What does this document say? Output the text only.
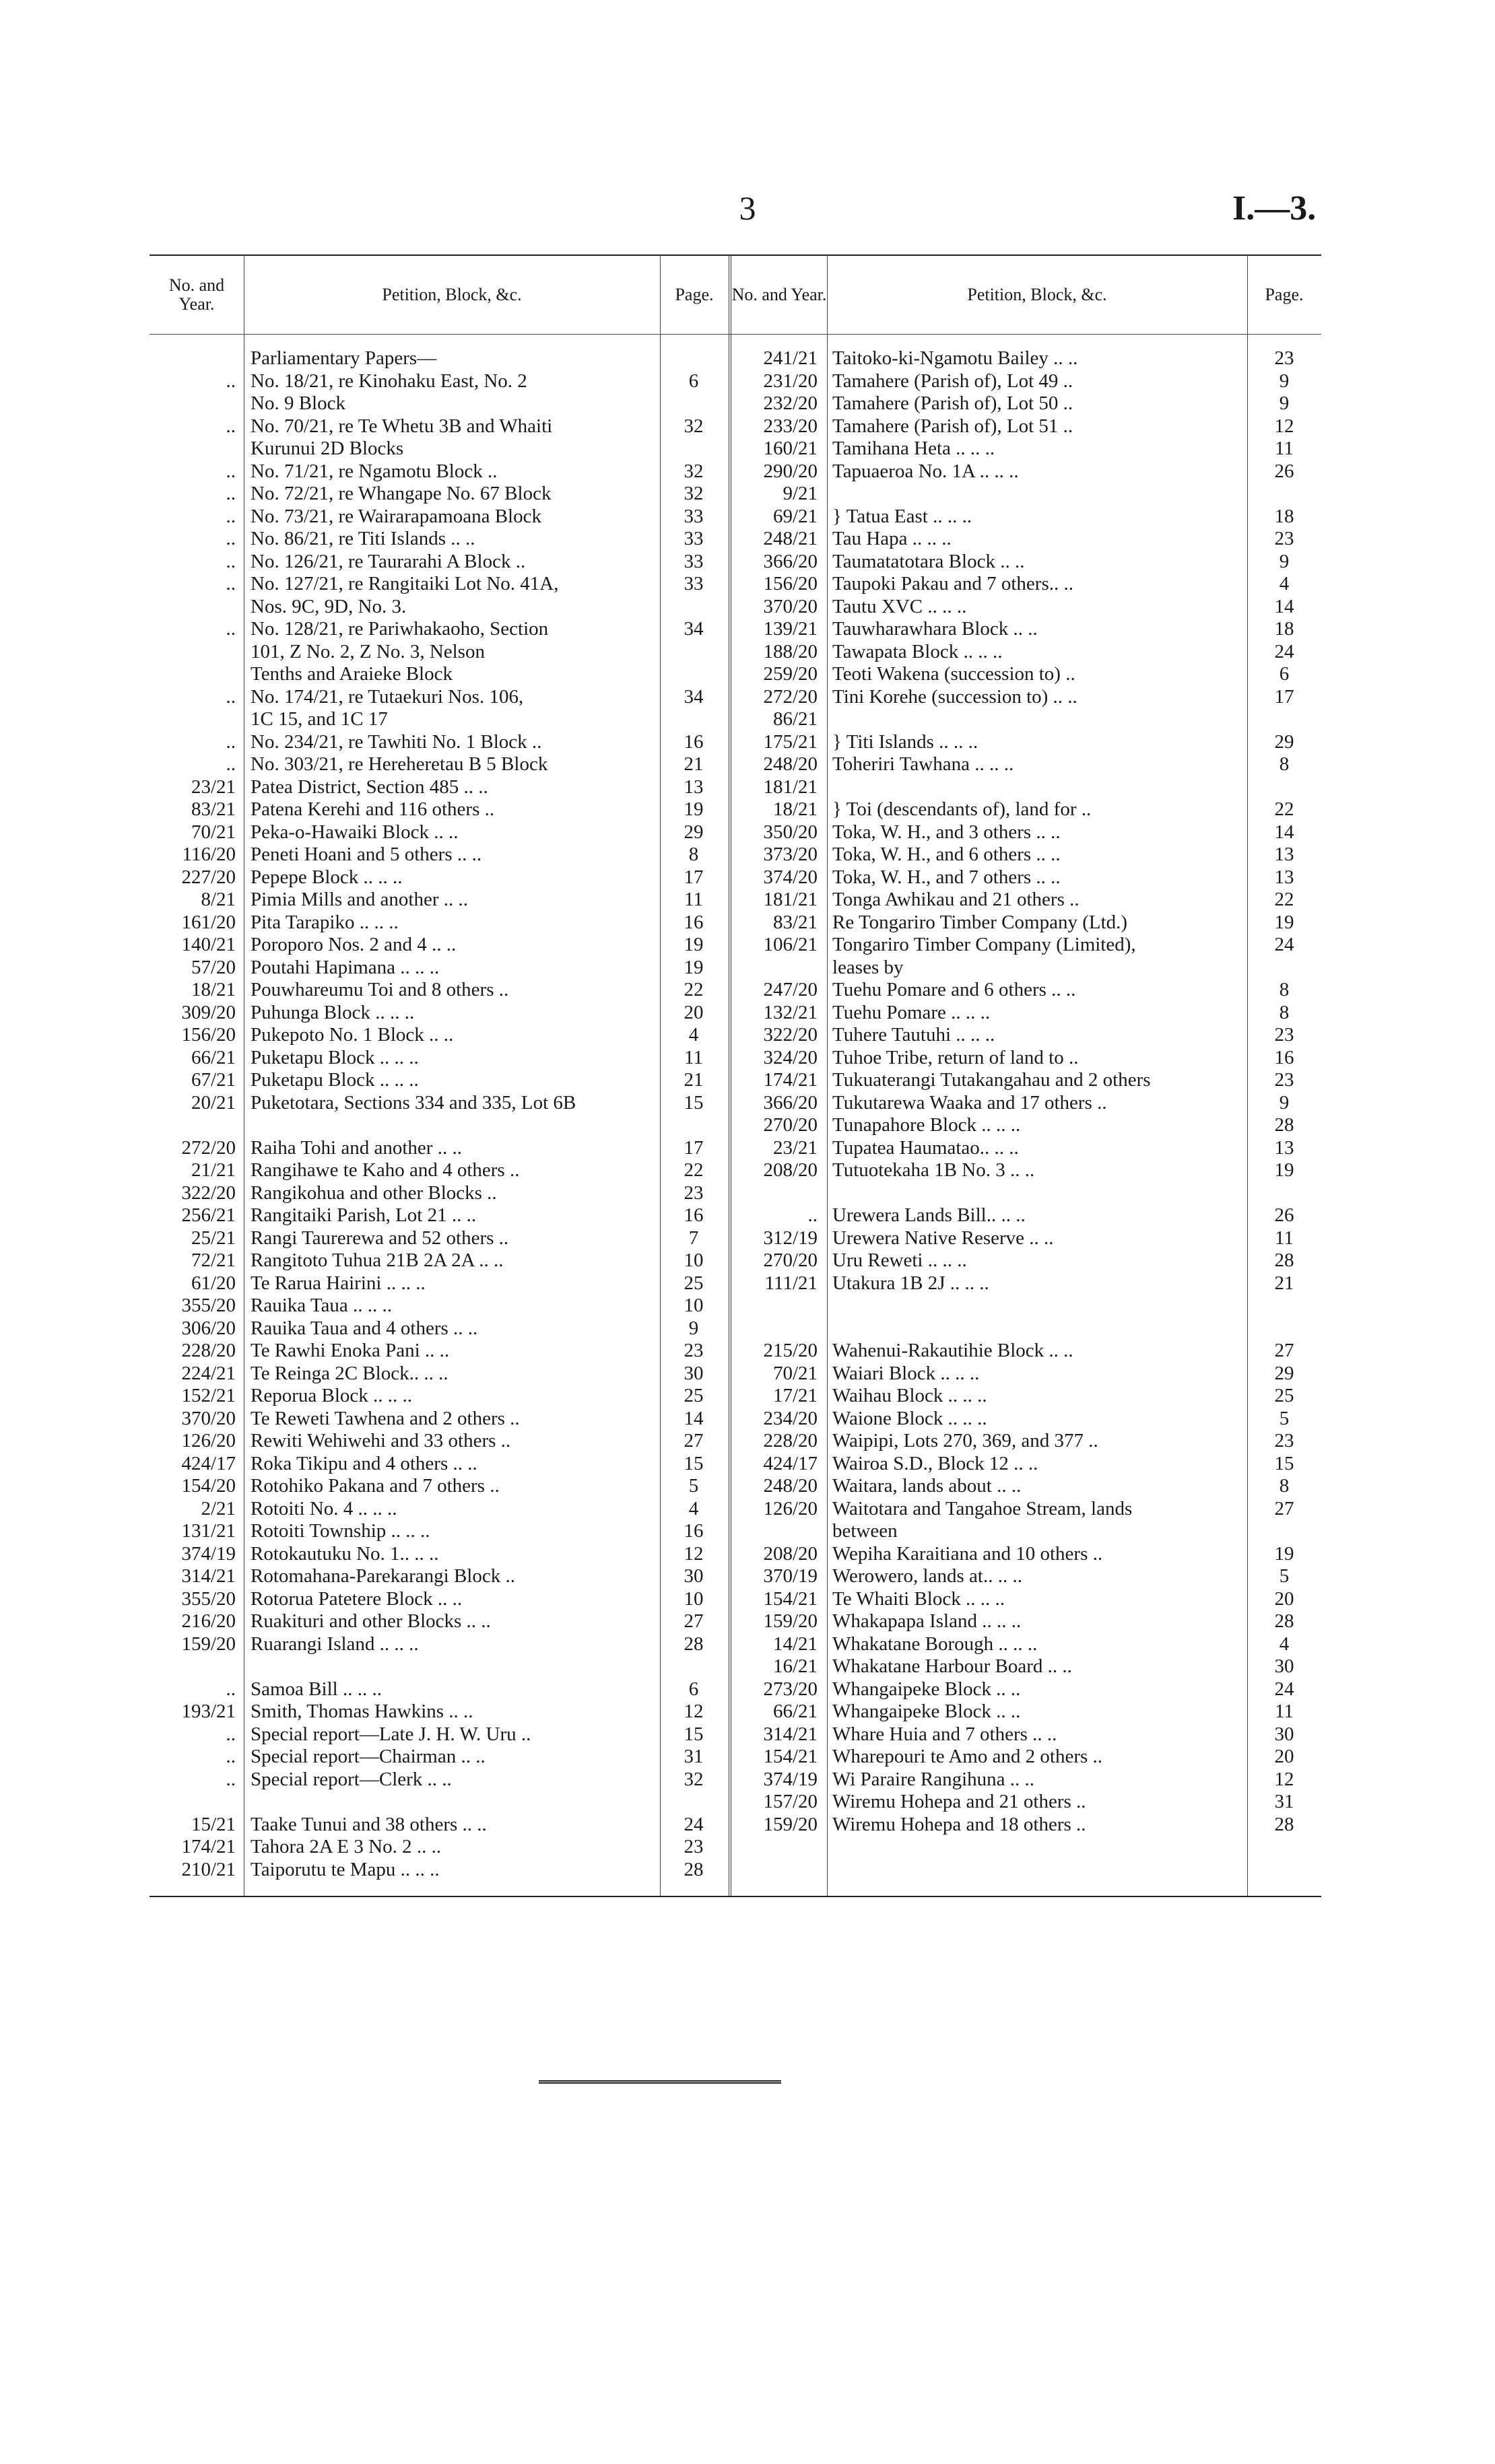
3	I.—3.
No. and Year.	Petition, Block, &c.	Page.	No. and Year.	Petition, Block, &c.	Page.
Parliamentary Papers—
.. No. 18/21, re Kinohaku East, No. 2	6
No. 9 Block
.. No. 70/21, re Te Whetu 3B and Whaiti	32
Kurunui 2D Blocks
.. No. 71/21, re Ngamotu Block ..	32
.. No. 72/21, re Whangape No. 67 Block	32
.. No. 73/21, re Wairarapamoana Block	33
.. No. 86/21, re Titi Islands .. ..	33
.. No. 126/21, re Taurarahi A Block ..	33
.. No. 127/21, re Rangitaiki Lot No. 41A,	33
Nos. 9C, 9D, No. 3.
.. No. 128/21, re Pariwhakaoho, Section	34
101, Z No. 2, Z No. 3, Nelson
Tenths and Araieke Block
.. No. 174/21, re Tutaekuri Nos. 106,	34
1C 15, and 1C 17
.. No. 234/21, re Tawhiti No. 1 Block ..	16
.. No. 303/21, re Hereheretau B 5 Block	21
23/21 Patea District, Section 485 .. ..	13
83/21 Patena Kerehi and 116 others ..	19
70/21 Peka-o-Hawaiki Block .. ..	29
116/20 Peneti Hoani and 5 others .. ..	8
227/20 Pepepe Block .. .. ..	17
8/21 Pimia Mills and another .. ..	11
161/20 Pita Tarapiko .. .. ..	16
140/21 Poroporo Nos. 2 and 4 .. ..	19
57/20 Poutahi Hapimana .. .. ..	19
18/21 Pouwhareumu Toi and 8 others ..	22
309/20 Puhunga Block .. .. ..	20
156/20 Pukepoto No. 1 Block .. ..	4
66/21 Puketapu Block .. .. ..	11
67/21 Puketapu Block .. .. ..	21
20/21 Puketotara, Sections 334 and 335, Lot 6B	15
272/20 Raiha Tohi and another .. ..	17
21/21 Rangihawe te Kaho and 4 others ..	22
322/20 Rangikohua and other Blocks ..	23
256/21 Rangitaiki Parish, Lot 21 .. ..	16
25/21 Rangi Taurerewa and 52 others ..	7
72/21 Rangitoto Tuhua 21B 2A 2A .. ..	10
61/20 Te Rarua Hairini .. .. ..	25
355/20 Rauika Taua .. .. ..	10
306/20 Rauika Taua and 4 others .. ..	9
228/20 Te Rawhi Enoka Pani .. ..	23
224/21 Te Reinga 2C Block.. .. ..	30
152/21 Reporua Block .. .. ..	25
370/20 Te Reweti Tawhena and 2 others ..	14
126/20 Rewiti Wehiwehi and 33 others ..	27
424/17 Roka Tikipu and 4 others .. ..	15
154/20 Rotohiko Pakana and 7 others ..	5
2/21 Rotoiti No. 4 .. .. ..	4
131/21 Rotoiti Township .. .. ..	16
374/19 Rotokautuku No. 1.. .. ..	12
314/21 Rotomahana-Parekarangi Block ..	30
355/20 Rotorua Patetere Block .. ..	10
216/20 Ruakituri and other Blocks .. ..	27
159/20 Ruarangi Island .. .. ..	28
.. Samoa Bill .. .. ..	6
193/21 Smith, Thomas Hawkins .. ..	12
.. Special report—Late J. H. W. Uru ..	15
.. Special report—Chairman .. ..	31
.. Special report—Clerk .. ..	32
15/21 Taake Tunui and 38 others .. ..	24
174/21 Tahora 2A E 3 No. 2 .. ..	23
210/21 Taiporutu te Mapu .. .. ..	28
241/21 Taitoko-ki-Ngamotu Bailey .. ..	23
231/20 Tamahere (Parish of), Lot 49 ..	9
232/20 Tamahere (Parish of), Lot 50 ..	9
233/20 Tamahere (Parish of), Lot 51 ..	12
160/21 Tamihana Heta .. .. ..	11
290/20 Tapuaeroa No. 1A .. .. ..	26
9/21
69/21 } Tatua East .. .. ..	18
248/21 Tau Hapa .. .. ..	23
366/20 Taumatatotara Block .. ..	9
156/20 Taupoki Pakau and 7 others.. ..	4
370/20 Tautu XVC .. .. ..	14
139/21 Tauwharawhara Block .. ..	18
188/20 Tawapata Block .. .. ..	24
259/20 Teoti Wakena (succession to) ..	6
272/20 Tini Korehe (succession to) .. ..	17
86/21
175/21 } Titi Islands .. .. ..	29
248/20 Toheriri Tawhana .. .. ..	8
181/21
18/21 } Toi (descendants of), land for ..	22
350/20 Toka, W. H., and 3 others .. ..	14
373/20 Toka, W. H., and 6 others .. ..	13
374/20 Toka, W. H., and 7 others .. ..	13
181/21 Tonga Awhikau and 21 others ..	22
83/21 Re Tongariro Timber Company (Ltd.)	19
106/21 Tongariro Timber Company (Limited),	24
leases by
247/20 Tuehu Pomare and 6 others .. ..	8
132/21 Tuehu Pomare .. .. ..	8
322/20 Tuhere Tautuhi .. .. ..	23
324/20 Tuhoe Tribe, return of land to ..	16
174/21 Tukuaterangi Tutakangahau and 2 others	23
366/20 Tukutarewa Waaka and 17 others ..	9
270/20 Tunapahore Block .. .. ..	28
23/21 Tupatea Haumatao.. .. ..	13
208/20 Tutuotekaha 1B No. 3 .. ..	19
.. Urewera Lands Bill.. .. ..	26
312/19 Urewera Native Reserve .. ..	11
270/20 Uru Reweti .. .. ..	28
111/21 Utakura 1B 2J .. .. ..	21
215/20 Wahenui-Rakautihie Block .. ..	27
70/21 Waiari Block .. .. ..	29
17/21 Waihau Block .. .. ..	25
234/20 Waione Block .. .. ..	5
228/20 Waipipi, Lots 270, 369, and 377 ..	23
424/17 Wairoa S.D., Block 12 .. ..	15
248/20 Waitara, lands about .. ..	8
126/20 Waitotara and Tangahoe Stream, lands	27
between
208/20 Wepiha Karaitiana and 10 others ..	19
370/19 Werowero, lands at.. .. ..	5
154/21 Te Whaiti Block .. .. ..	20
159/20 Whakapapa Island .. .. ..	28
14/21 Whakatane Borough .. .. ..	4
16/21 Whakatane Harbour Board .. ..	30
273/20 Whangaipeke Block .. ..	24
66/21 Whangaipeke Block .. ..	11
314/21 Whare Huia and 7 others .. ..	30
154/21 Wharepouri te Amo and 2 others ..	20
374/19 Wi Paraire Rangihuna .. ..	12
157/20 Wiremu Hohepa and 21 others ..	31
159/20 Wiremu Hohepa and 18 others ..	28
